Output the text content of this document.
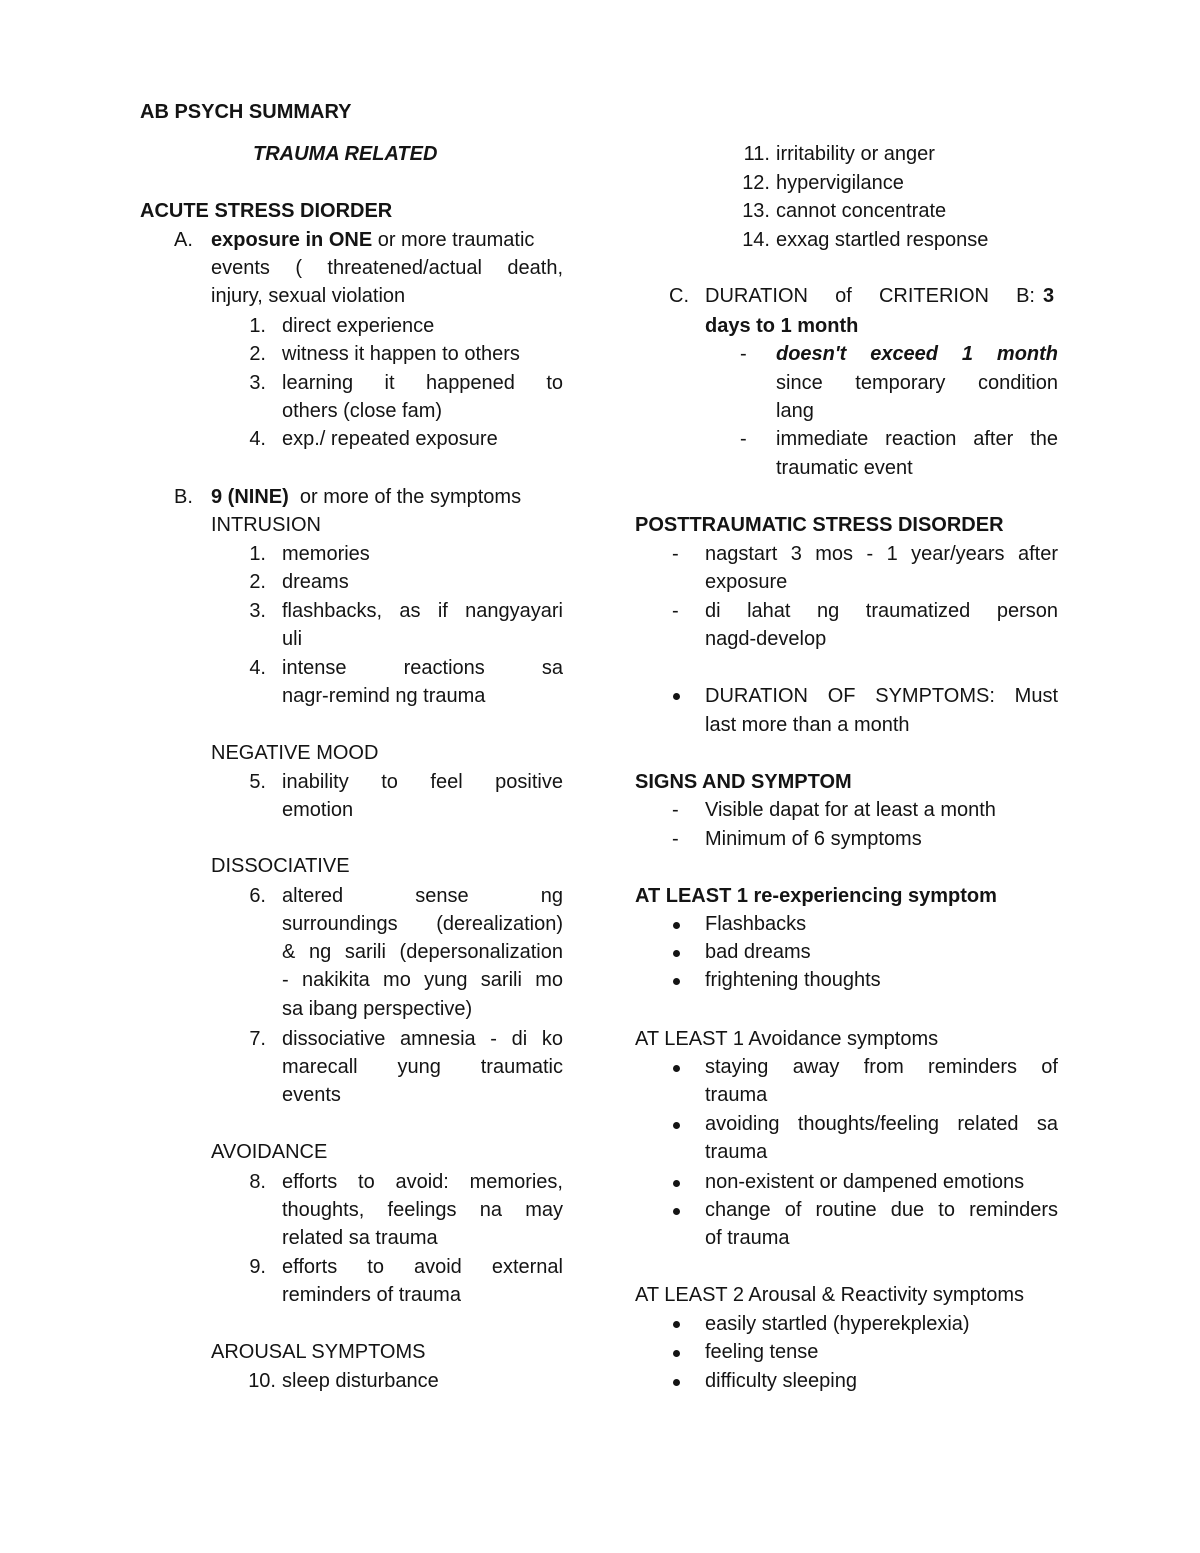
AB PSYCH SUMMARY
TRAUMA RELATED
ACUTE STRESS DIORDER
A. exposure in ONE or more traumatic
events ( threatened/actual death,
injury, sexual violation
1. direct experience
2. witness it happen to others
3. learning it happened to
others (close fam)
4. exp./ repeated exposure
B. 9 (NINE)  or more of the symptoms
INTRUSION
1. memories
2. dreams
3. flashbacks, as if nangyayari
uli
4. intense reactions sa
nagr-remind ng trauma
NEGATIVE MOOD
5. inability to feel positive
emotion
DISSOCIATIVE
6. altered sense ng
surroundings (derealization)
& ng sarili (depersonalization
- nakikita mo yung sarili mo
sa ibang perspective)
7. dissociative amnesia - di ko
marecall yung traumatic
events
AVOIDANCE
8. efforts to avoid: memories,
thoughts, feelings na may
related sa trauma
9. efforts to avoid external
reminders of trauma
AROUSAL SYMPTOMS
10. sleep disturbance
11. irritability or anger
12. hypervigilance
13. cannot concentrate
14. exxag startled response
C. DURATION of CRITERION B: 3
days to 1 month
- doesn't exceed 1 month
since temporary condition
lang
- immediate reaction after the
traumatic event
POSTTRAUMATIC STRESS DISORDER
- nagstart 3 mos - 1 year/years after
exposure
- di lahat ng traumatized person
nagd-develop
DURATION OF SYMPTOMS: Must
last more than a month
SIGNS AND SYMPTOM
- Visible dapat for at least a month
- Minimum of 6 symptoms
AT LEAST 1 re-experiencing symptom
Flashbacks
bad dreams
frightening thoughts
AT LEAST 1 Avoidance symptoms
staying away from reminders of
trauma
avoiding thoughts/feeling related sa
trauma
non-existent or dampened emotions
change of routine due to reminders
of trauma
AT LEAST 2 Arousal & Reactivity symptoms
easily startled (hyperekplexia)
feeling tense
difficulty sleeping
